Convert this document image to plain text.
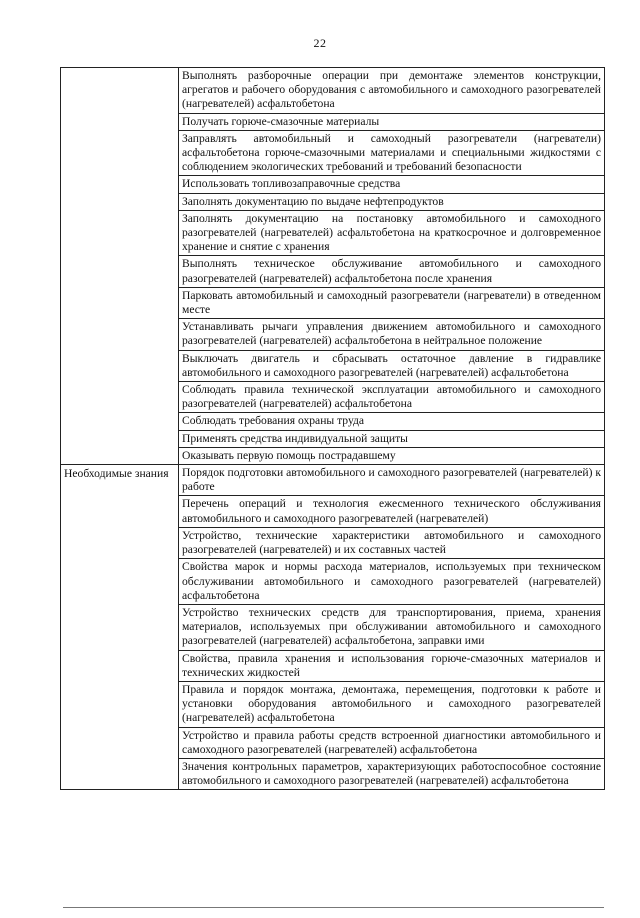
22
	Выполнять разборочные операции при демонтаже элементов конструкции, агрегатов и рабочего оборудования с автомобильного и самоходного разогревателей (нагревателей) асфальтобетона
	Получать горюче-смазочные материалы
	Заправлять автомобильный и самоходный разогреватели (нагреватели) асфальтобетона горюче-смазочными материалами и специальными жидкостями с соблюдением экологических требований и требований безопасности
	Использовать топливозаправочные средства
	Заполнять документацию по выдаче нефтепродуктов
	Заполнять документацию на постановку автомобильного и самоходного разогревателей (нагревателей) асфальтобетона на краткосрочное и долговременное хранение и снятие с хранения
	Выполнять техническое обслуживание автомобильного и самоходного разогревателей (нагревателей) асфальтобетона после хранения
	Парковать автомобильный и самоходный разогреватели (нагреватели) в отведенном месте
	Устанавливать рычаги управления движением автомобильного и самоходного разогревателей (нагревателей) асфальтобетона в нейтральное положение
	Выключать двигатель и сбрасывать остаточное давление в гидравлике автомобильного и самоходного разогревателей (нагревателей) асфальтобетона
	Соблюдать правила технической эксплуатации автомобильного и самоходного разогревателей (нагревателей) асфальтобетона
	Соблюдать требования охраны труда
	Применять средства индивидуальной защиты
	Оказывать первую помощь пострадавшему
Необходимые знания	Порядок подготовки автомобильного и самоходного разогревателей (нагревателей) к работе
	Перечень операций и технология ежесменного технического обслуживания автомобильного и самоходного разогревателей (нагревателей)
	Устройство, технические характеристики автомобильного и самоходного разогревателей (нагревателей) и их составных частей
	Свойства марок и нормы расхода материалов, используемых при техническом обслуживании автомобильного и самоходного разогревателей (нагревателей) асфальтобетона
	Устройство технических средств для транспортирования, приема, хранения материалов, используемых при обслуживании автомобильного и самоходного разогревателей (нагревателей) асфальтобетона, заправки ими
	Свойства, правила хранения и использования горюче-смазочных материалов и технических жидкостей
	Правила и порядок монтажа, демонтажа, перемещения, подготовки к работе и установки оборудования автомобильного и самоходного разогревателей (нагревателей) асфальтобетона
	Устройство и правила работы средств встроенной диагностики автомобильного и самоходного разогревателей (нагревателей) асфальтобетона
	Значения контрольных параметров, характеризующих работоспособное состояние автомобильного и самоходного разогревателей (нагревателей) асфальтобетона
